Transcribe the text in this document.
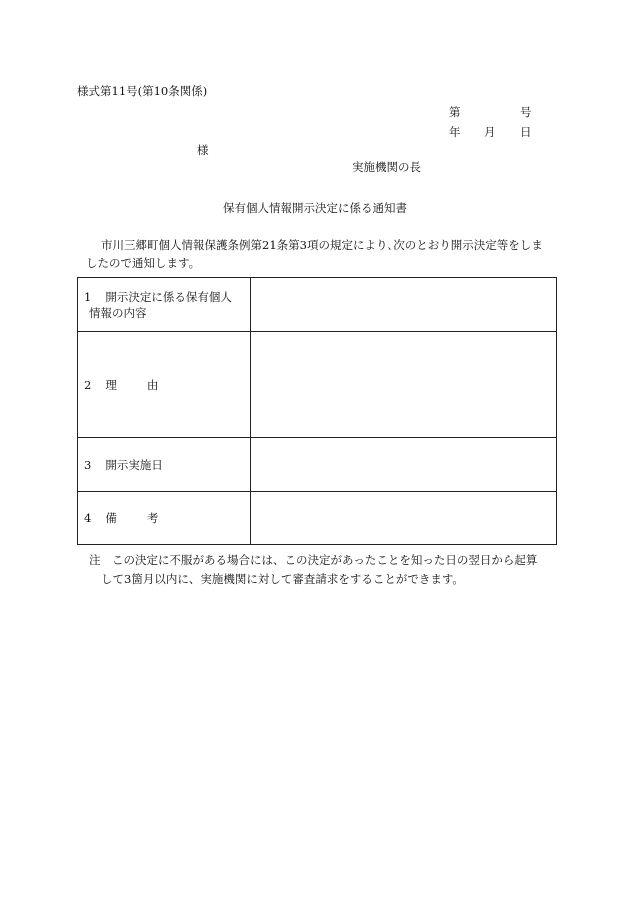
様式第11号(第10条関係)
第	号
年 月 日
様
実施機関の長
保有個人情報開示決定に係る通知書
市川三郷町個人情報保護条例第21条第3項の規定により､次のとおり開示決定等をしま
したので通知します。
1 開示決定に係る保有個人
情報の内容	

2 理 由	
3 開示実施日	
4 備 考	
注　この決定に不服がある場合には、この決定があったことを知った日の翌日から起算
して3箇月以内に、実施機関に対して審査請求をすることができます。
